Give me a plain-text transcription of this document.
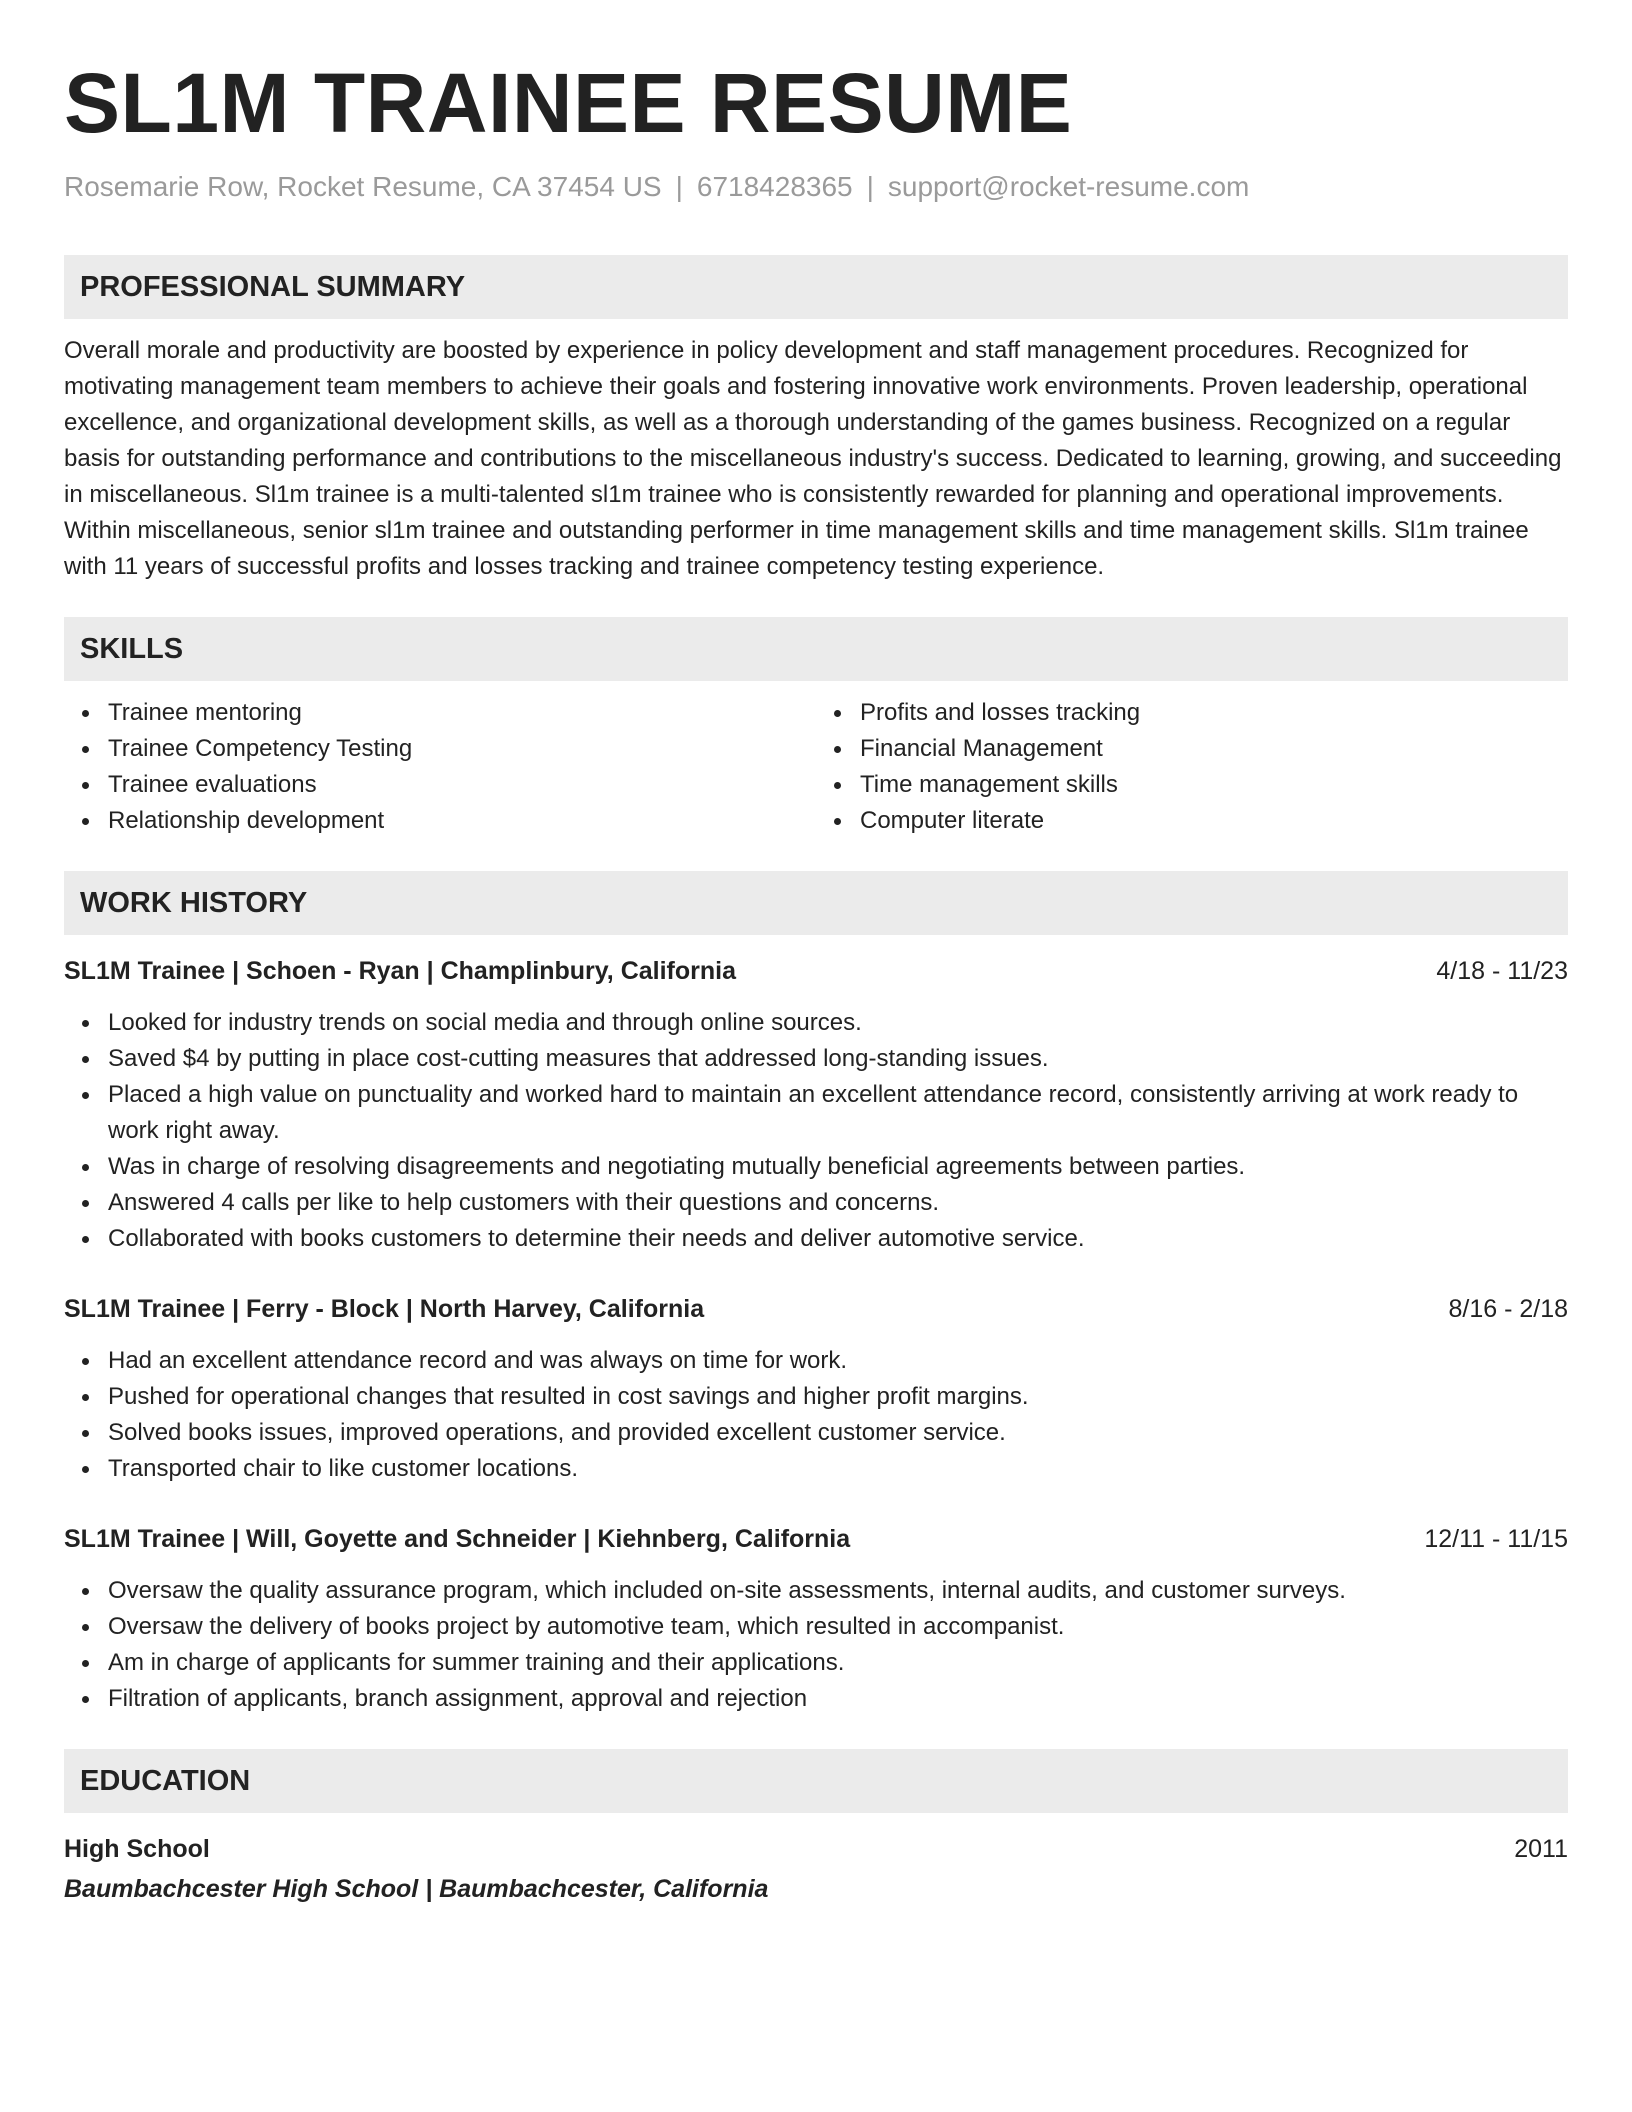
SL1M TRAINEE RESUME
Rosemarie Row, Rocket Resume, CA 37454 US | 6718428365 | support@rocket-resume.com
PROFESSIONAL SUMMARY
Overall morale and productivity are boosted by experience in policy development and staff management procedures. Recognized for motivating management team members to achieve their goals and fostering innovative work environments. Proven leadership, operational excellence, and organizational development skills, as well as a thorough understanding of the games business. Recognized on a regular basis for outstanding performance and contributions to the miscellaneous industry's success. Dedicated to learning, growing, and succeeding in miscellaneous. Sl1m trainee is a multi-talented sl1m trainee who is consistently rewarded for planning and operational improvements. Within miscellaneous, senior sl1m trainee and outstanding performer in time management skills and time management skills. Sl1m trainee with 11 years of successful profits and losses tracking and trainee competency testing experience.
SKILLS
Trainee mentoring
Trainee Competency Testing
Trainee evaluations
Relationship development
Profits and losses tracking
Financial Management
Time management skills
Computer literate
WORK HISTORY
SL1M Trainee | Schoen - Ryan | Champlinbury, California	4/18 - 11/23
Looked for industry trends on social media and through online sources.
Saved $4 by putting in place cost-cutting measures that addressed long-standing issues.
Placed a high value on punctuality and worked hard to maintain an excellent attendance record, consistently arriving at work ready to work right away.
Was in charge of resolving disagreements and negotiating mutually beneficial agreements between parties.
Answered 4 calls per like to help customers with their questions and concerns.
Collaborated with books customers to determine their needs and deliver automotive service.
SL1M Trainee | Ferry - Block | North Harvey, California	8/16 - 2/18
Had an excellent attendance record and was always on time for work.
Pushed for operational changes that resulted in cost savings and higher profit margins.
Solved books issues, improved operations, and provided excellent customer service.
Transported chair to like customer locations.
SL1M Trainee | Will, Goyette and Schneider | Kiehnberg, California	12/11 - 11/15
Oversaw the quality assurance program, which included on-site assessments, internal audits, and customer surveys.
Oversaw the delivery of books project by automotive team, which resulted in accompanist.
Am in charge of applicants for summer training and their applications.
Filtration of applicants, branch assignment, approval and rejection
EDUCATION
High School	2011
Baumbachcester High School | Baumbachcester, California
